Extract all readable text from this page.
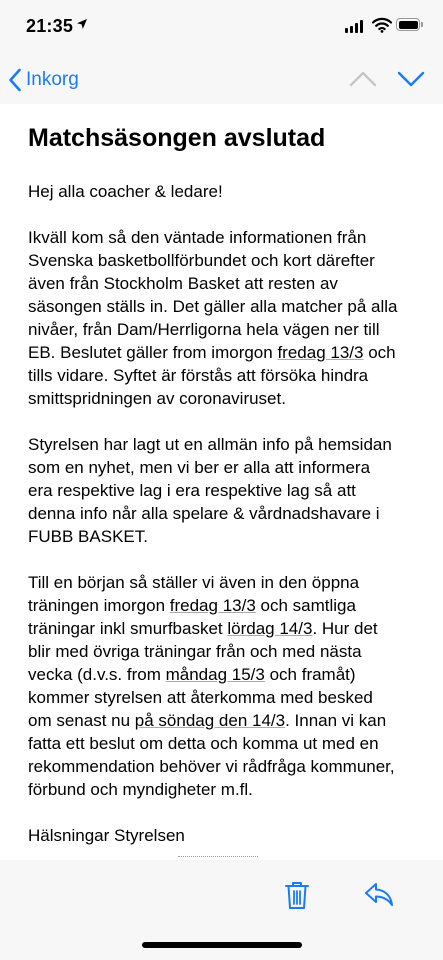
21:35
Inkorg
Matchsäsongen avslutad
Hej alla coacher & ledare!
Ikväll kom så den väntade informationen från
Svenska basketbollförbundet och kort därefter
även från Stockholm Basket att resten av
säsongen ställs in. Det gäller alla matcher på alla
nivåer, från Dam/Herrligorna hela vägen ner till
EB. Beslutet gäller from imorgon fredag 13/3 och
tills vidare. Syftet är förstås att försöka hindra
smittspridningen av coronaviruset.
Styrelsen har lagt ut en allmän info på hemsidan
som en nyhet, men vi ber er alla att informera
era respektive lag i era respektive lag så att
denna info når alla spelare & vårdnadshavare i
FUBB BASKET.
Till en början så ställer vi även in den öppna
träningen imorgon fredag 13/3 och samtliga
träningar inkl smurfbasket lördag 14/3. Hur det
blir med övriga träningar från och med nästa
vecka (d.v.s. from måndag 15/3 och framåt)
kommer styrelsen att återkomma med besked
om senast nu på söndag den 14/3. Innan vi kan
fatta ett beslut om detta och komma ut med en
rekommendation behöver vi rådfråga kommuner,
förbund och myndigheter m.fl.
Hälsningar Styrelsen
